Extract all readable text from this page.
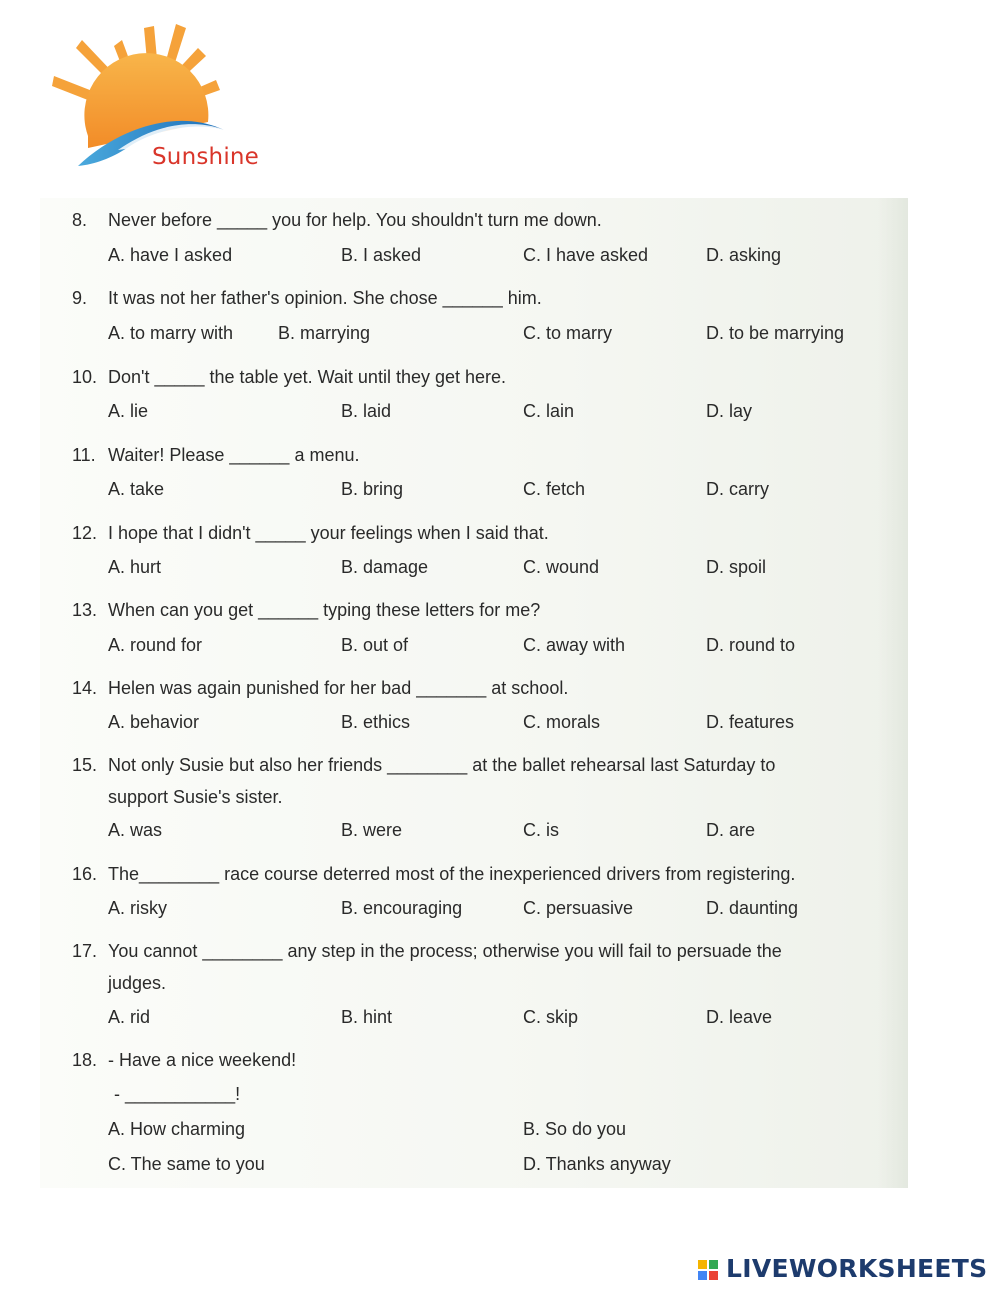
Sunshine
8. Never before _____ you for help. You shouldn't turn me down.
A. have I asked	B. I asked	C. I have asked	D. asking
9. It was not her father's opinion. She chose ______ him.
A. to marry with B. marrying	C. to marry	D. to be marrying
10. Don't _____ the table yet. Wait until they get here.
A. lie	B. laid	C. lain	D. lay
11. Waiter! Please ______ a menu.
A. take	B. bring	C. fetch	D. carry
12. I hope that I didn't _____ your feelings when I said that.
A. hurt	B. damage	C. wound	D. spoil
13. When can you get ______ typing these letters for me?
A. round for	B. out of	C. away with	D. round to
14. Helen was again punished for her bad _______ at school.
A. behavior	B. ethics	C. morals	D. features
15. Not only Susie but also her friends ________ at the ballet rehearsal last Saturday to
support Susie's sister.
A. was	B. were	C. is	D. are
16. The________ race course deterred most of the inexperienced drivers from registering.
A. risky	B. encouraging	C. persuasive	D. daunting
17. You cannot ________ any step in the process; otherwise you will fail to persuade the
judges.
A. rid	B. hint	C. skip	D. leave
18. - Have a nice weekend!
- ___________!
A. How charming	B. So do you
C. The same to you	D. Thanks anyway
LIVEWORKSHEETS
